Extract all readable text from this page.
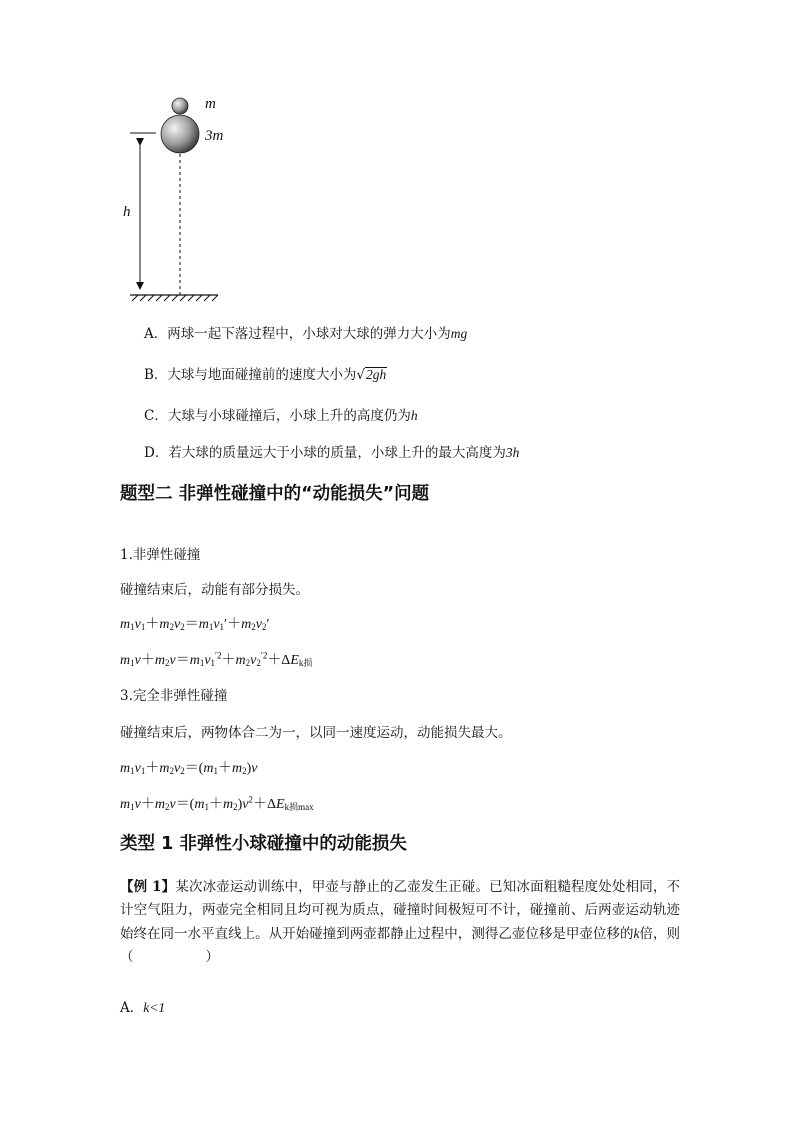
m
3m
h
A．两球一起下落过程中，小球对大球的弹力大小为mg
B．大球与地面碰撞前的速度大小为√2gh
C．大球与小球碰撞后，小球上升的高度仍为h
D．若大球的质量远大于小球的质量，小球上升的最大高度为3h
题型二 非弹性碰撞中的“动能损失”问题
1.非弹性碰撞
碰撞结束后，动能有部分损失。
$m_1v_1+m_2v_2=m_1v_1'+m_2v_2'$
$m_1v+m_2v=m_1v_1^{'2}+m_2v_2^{'2}+\Delta E_{k损}$
3.完全非弹性碰撞
碰撞结束后，两物体合二为一，以同一速度运动，动能损失最大。
$m_1v_1+m_2v_2=(m_1+m_2)v$
$m_1v+m_2v=(m_1+m_2)v^2+\Delta E_{k损max}$
类型 1 非弹性小球碰撞中的动能损失
【例 1】某次冰壶运动训练中，甲壶与静止的乙壶发生正碰。已知冰面粗糙程度处处相同，不计空气阻力，两壶完全相同且均可视为质点，碰撞时间极短可不计，碰撞前、后两壶运动轨迹始终在同一水平直线上。从开始碰撞到两壶都静止过程中，测得乙壶位移是甲壶位移的k倍，则（	）
A．k<1
